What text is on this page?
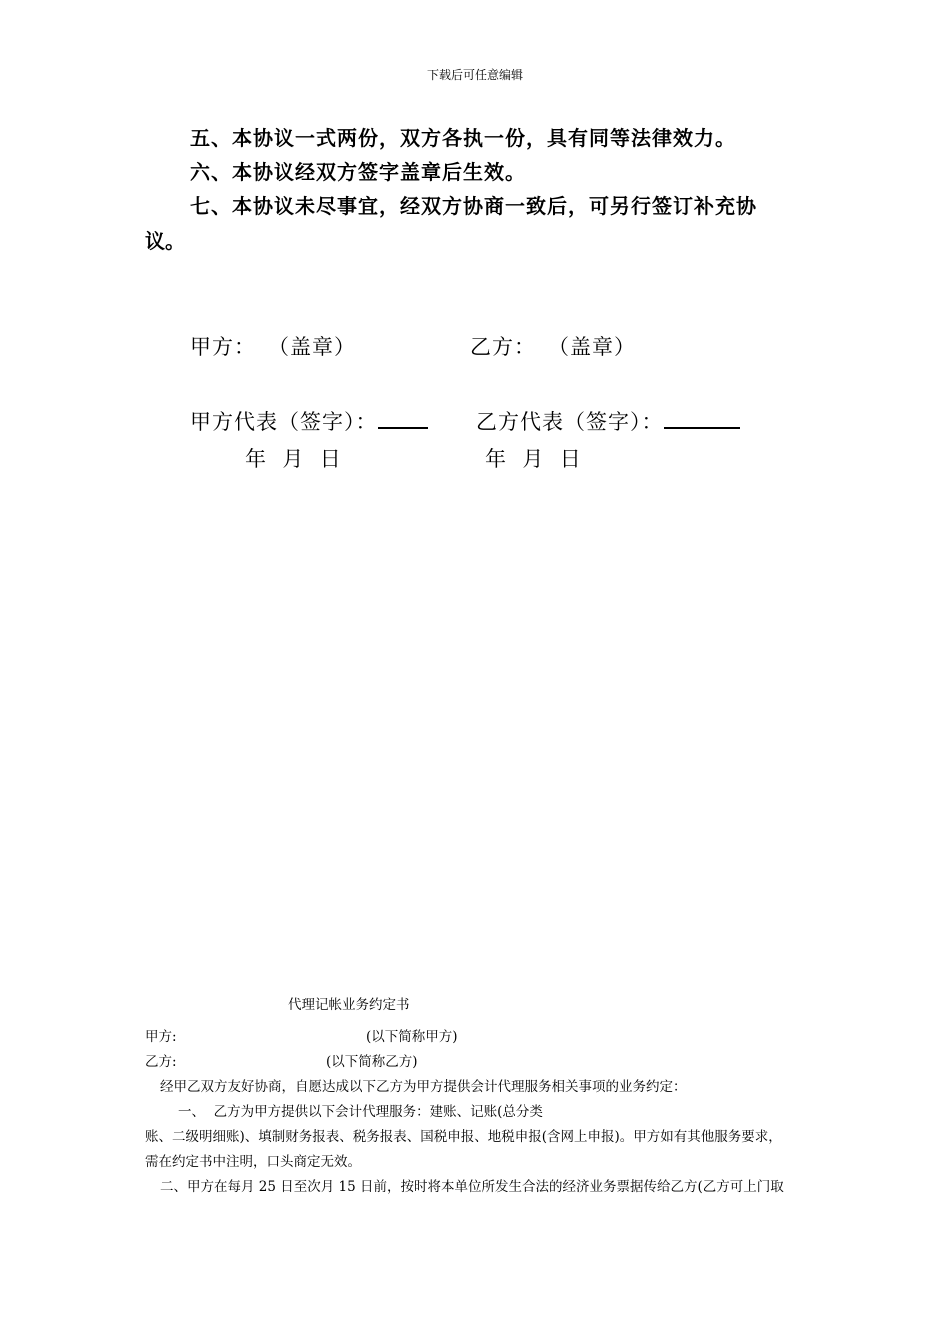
下载后可任意编辑
五、本协议一式两份，双方各执一份，具有同等法律效力。
六、本协议经双方签字盖章后生效。
七、本协议未尽事宜，经双方协商一致后，可另行签订补充协
议。
甲方： （盖章）	乙方： （盖章）
甲方代表（签字）：	乙方代表（签字）：
年  月  日	年  月  日
代理记帐业务约定书
甲方:	(以下简称甲方)
乙方:	(以下简称乙方)
经甲乙双方友好协商，自愿达成以下乙方为甲方提供会计代理服务相关事项的业务约定：
一、  乙方为甲方提供以下会计代理服务：建账、记账(总分类
账、二级明细账)、填制财务报表、税务报表、国税申报、地税申报(含网上申报)。甲方如有其他服务要求，
需在约定书中注明，口头商定无效。
二、甲方在每月 25 日至次月 15 日前，按时将本单位所发生合法的经济业务票据传给乙方(乙方可上门取
